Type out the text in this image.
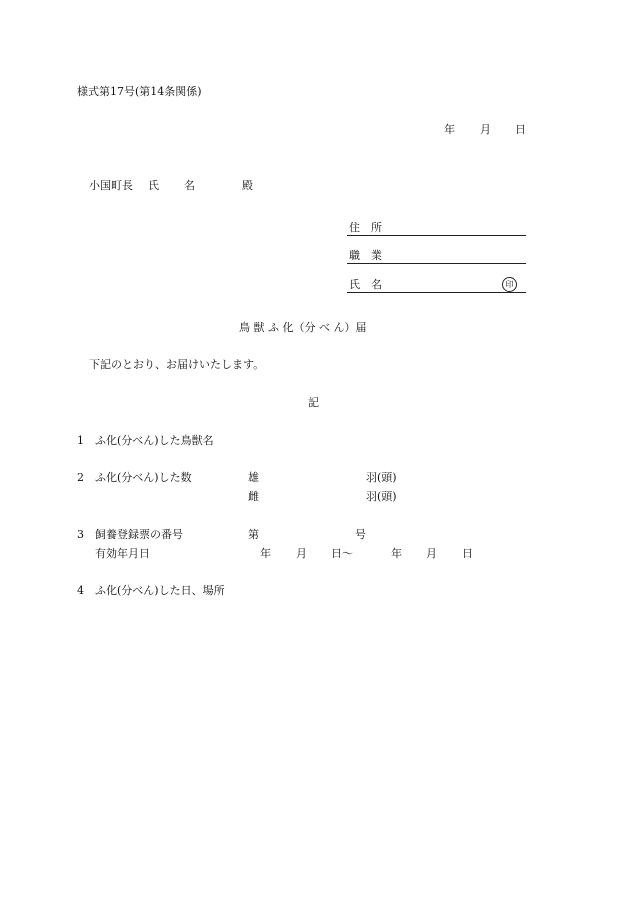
様式第17号(第14条関係)
年 月 日
小国町長 氏 名	殿
住　所
職　業
氏　名	印
鳥 獣 ふ 化（分 べ ん）届
下記のとおり、お届けいたします。
記
1 ふ化(分べん)した鳥獣名
2 ふ化(分べん)した数	雄	羽(頭)
雌	羽(頭)
3 飼養登録票の番号	第	号
有効年月日	年 月 日〜	年 月 日
4 ふ化(分べん)した日、場所
